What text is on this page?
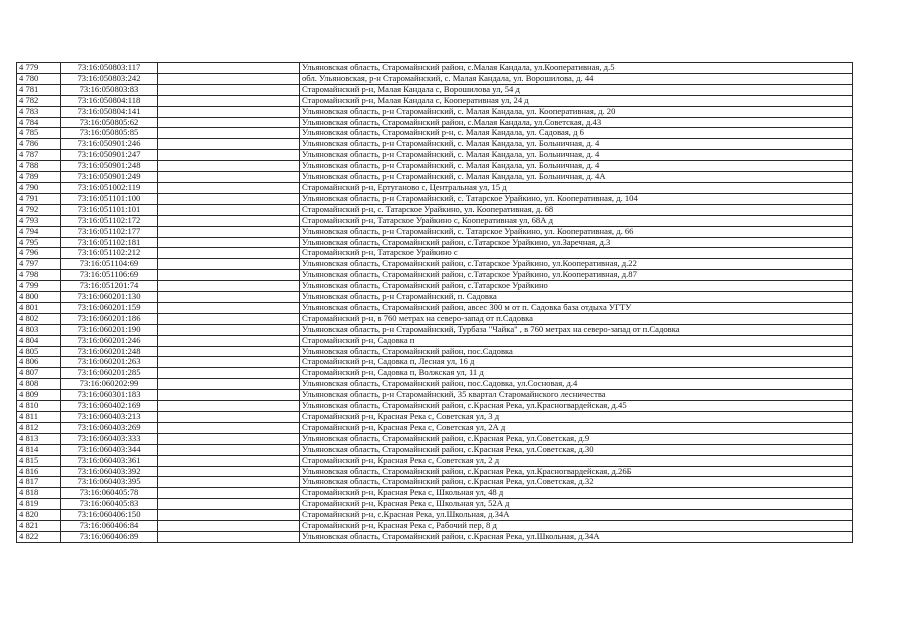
4 779	73:16:050803:117		Ульяновская область, Старомайнский район, с.Малая Кандала, ул.Кооперативная, д.5
4 780	73:16:050803:242		обл. Ульяновская, р-н Старомайнский, с. Малая Кандала, ул. Ворошилова, д. 44
4 781	73:16:050803:83		Старомайнский р-н, Малая Кандала с, Ворошилова ул, 54 д
4 782	73:16:050804:118		Старомайнский р-н, Малая Кандала с, Кооперативная ул, 24 д
4 783	73:16:050804:141		Ульяновская область, р-н Старомайнский, с. Малая Кандала, ул. Кооперативная, д. 20
4 784	73:16:050805:62		Ульяновская область, Старомайнский район, с.Малая Кандала, ул.Советская, д.43
4 785	73:16:050805:85		Ульяновская область, Старомайнский р-н, с. Малая Кандала, ул. Садовая, д 6
4 786	73:16:050901:246		Ульяновская область, р-н Старомайнский, с. Малая Кандала, ул. Больничная, д. 4
4 787	73:16:050901:247		Ульяновская область, р-н Старомайнский, с. Малая Кандала, ул. Больничная, д. 4
4 788	73:16:050901:248		Ульяновская область, р-н Старомайнский, с. Малая Кандала, ул. Больничная, д. 4
4 789	73:16:050901:249		Ульяновская область, р-н Старомайнский, с. Малая Кандала, ул. Больничная, д. 4А
4 790	73:16:051002:119		Старомайнский р-н, Ертуганово с, Центральная ул, 15 д
4 791	73:16:051101:100		Ульяновская область, р-н Старомайнский, с. Татарское Урайкино, ул. Кооперативная, д. 104
4 792	73:16:051101:101		Старомайнский р-н, с. Татарское Урайкино, ул. Кооперативная, д. 68
4 793	73:16:051102:172		Старомайнский р-н, Татарское Урайкино с, Кооперативная ул, 68А д
4 794	73:16:051102:177		Ульяновская область, р-н Старомайнский, с. Татарское Урайкино, ул. Кооперативная, д. 66
4 795	73:16:051102:181		Ульяновская область, Старомайнский район, с.Татарское Урайкино, ул.Заречная, д.3
4 796	73:16:051102:212		Старомайнский р-н, Татарское Урайкино с
4 797	73:16:051104:69		Ульяновская область, Старомайнский район, с.Татарское Урайкино, ул.Кооперативная, д.22
4 798	73:16:051106:69		Ульяновская область, Старомайнский район, с.Татарское Урайкино, ул.Кооперативная, д.87
4 799	73:16:051201:74		Ульяновская область, Старомайнский район, с.Татарское Урайкино
4 800	73:16:060201:130		Ульяновская область, р-н Старомайнский, п. Садовка
4 801	73:16:060201:159		Ульяновская область, Старомайнский район, авсес 300 м от п. Садовка база отдыха УГТУ
4 802	73:16:060201:186		Старомайнский р-н, в 760 метрах на северо-запад от п.Садовка
4 803	73:16:060201:190		Ульяновская область, р-н Старомайнский, Турбаза "Чайка" , в 760 метрах на северо-запад от п.Садовка
4 804	73:16:060201:246		Старомайнский р-н, Садовка п
4 805	73:16:060201:248		Ульяновская область, Старомайнский район, пос.Садовка
4 806	73:16:060201:263		Старомайнский р-н, Садовка п, Лесная ул, 16 д
4 807	73:16:060201:285		Старомайнский р-н, Садовка п, Волжская ул, 11 д
4 808	73:16:060202:99		Ульяновская область, Старомайнский район, пос.Садовка, ул.Сосновая, д.4
4 809	73:16:060301:183		Ульяновская область, р-н Старомайнский, 35 квартал Старомайнского лесничества
4 810	73:16:060402:169		Ульяновская область, Старомайнский район, с.Красная Река, ул.Красногвардейская, д.45
4 811	73:16:060403:213		Старомайнский р-н, Красная Река с, Советская ул, 3 д
4 812	73:16:060403:269		Старомайнский р-н, Красная Река с, Советская ул, 2А д
4 813	73:16:060403:333		Ульяновская область, Старомайнский район, с.Красная Река, ул.Советская, д.9
4 814	73:16:060403:344		Ульяновская область, Старомайнский район, с.Красная Река, ул.Советская, д.30
4 815	73:16:060403:361		Старомайнский р-н, Красная Река с, Советская ул, 2 д
4 816	73:16:060403:392		Ульяновская область, Старомайнский район, с.Красная Река, ул.Красногвардейская, д.26Б
4 817	73:16:060403:395		Ульяновская область, Старомайнский район, с.Красная Река, ул.Советская, д.32
4 818	73:16:060405:78		Старомайнский р-н, Красная Река с, Школьная ул, 48 д
4 819	73:16:060405:83		Старомайнский р-н, Красная Река с, Школьная ул, 52А д
4 820	73:16:060406:150		Старомайнский р-н, с.Красная Река, ул.Школьная, д.34А
4 821	73:16:060406:84		Старомайнский р-н, Красная Река с, Рабочий пер, 8 д
4 822	73:16:060406:89		Ульяновская область, Старомайнский район, с.Красная Река, ул.Школьная, д.34А
